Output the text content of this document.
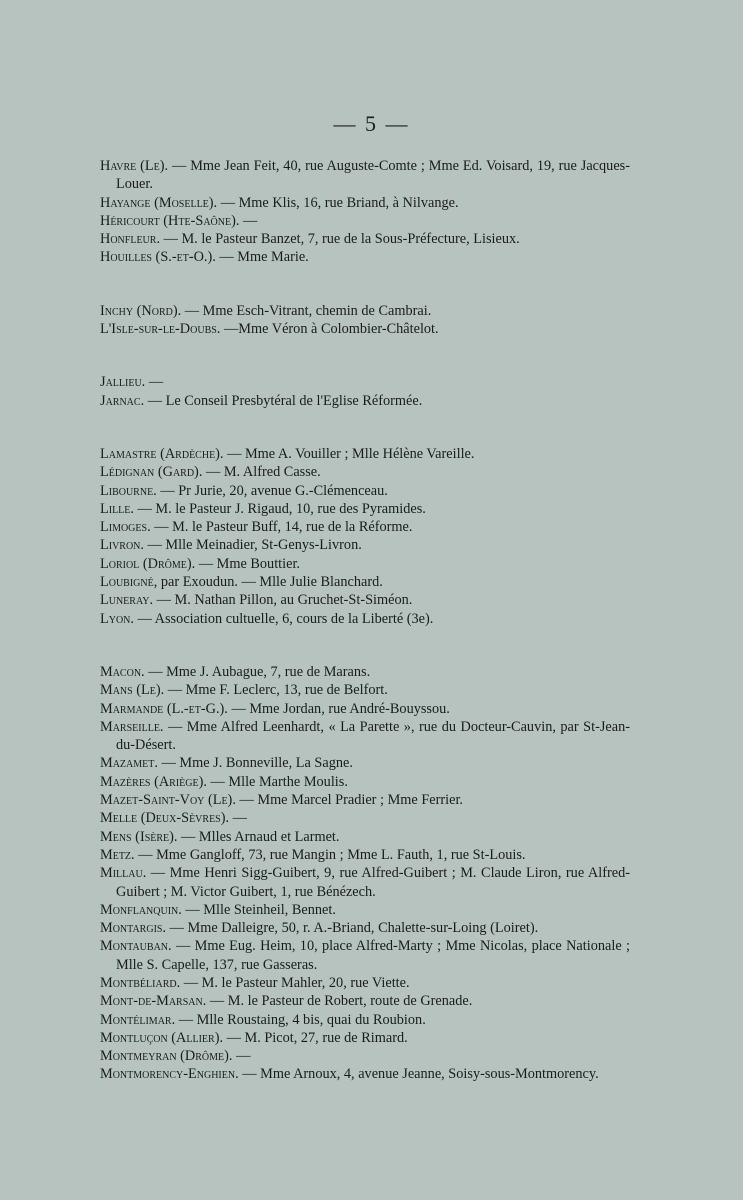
— 5 —
Havre (Le). — Mme Jean Feit, 40, rue Auguste-Comte ; Mme Ed. Voisard, 19, rue Jacques-Louer.
Hayange (Moselle). — Mme Klis, 16, rue Briand, à Nilvange.
Héricourt (Hte-Saône). —
Honfleur. — M. le Pasteur Banzet, 7, rue de la Sous-Préfecture, Lisieux.
Houilles (S.-et-O.). — Mme Marie.
Inchy (Nord). — Mme Esch-Vitrant, chemin de Cambrai.
L'Isle-sur-le-Doubs. —Mme Véron à Colombier-Châtelot.
Jallieu. —
Jarnac. — Le Conseil Presbytéral de l'Eglise Réformée.
Lamastre (Ardèche). — Mme A. Vouiller ; Mlle Hélène Vareille.
Lédignan (Gard). — M. Alfred Casse.
Libourne. — Pr Jurie, 20, avenue G.-Clémenceau.
Lille. — M. le Pasteur J. Rigaud, 10, rue des Pyramides.
Limoges. — M. le Pasteur Buff, 14, rue de la Réforme.
Livron. — Mlle Meinadier, St-Genys-Livron.
Loriol (Drôme). — Mme Bouttier.
Loubigné, par Exoudun. — Mlle Julie Blanchard.
Luneray. — M. Nathan Pillon, au Gruchet-St-Siméon.
Lyon. — Association cultuelle, 6, cours de la Liberté (3e).
Macon. — Mme J. Aubague, 7, rue de Marans.
Mans (Le). — Mme F. Leclerc, 13, rue de Belfort.
Marmande (L.-et-G.). — Mme Jordan, rue André-Bouyssou.
Marseille. — Mme Alfred Leenhardt, « La Parette », rue du Docteur-Cauvin, par St-Jean-du-Désert.
Mazamet. — Mme J. Bonneville, La Sagne.
Mazères (Ariège). — Mlle Marthe Moulis.
Mazet-Saint-Voy (Le). — Mme Marcel Pradier ; Mme Ferrier.
Melle (Deux-Sèvres). —
Mens (Isère). — Mlles Arnaud et Larmet.
Metz. — Mme Gangloff, 73, rue Mangin ; Mme L. Fauth, 1, rue St-Louis.
Millau. — Mme Henri Sigg-Guibert, 9, rue Alfred-Guibert ; M. Claude Liron, rue Alfred-Guibert ; M. Victor Guibert, 1, rue Bénézech.
Monflanquin. — Mlle Steinheil, Bennet.
Montargis. — Mme Dalleigre, 50, r. A.-Briand, Chalette-sur-Loing (Loiret).
Montauban. — Mme Eug. Heim, 10, place Alfred-Marty ; Mme Nicolas, place Nationale ; Mlle S. Capelle, 137, rue Gasseras.
Montbéliard. — M. le Pasteur Mahler, 20, rue Viette.
Mont-de-Marsan. — M. le Pasteur de Robert, route de Grenade.
Montélimar. — Mlle Roustaing, 4 bis, quai du Roubion.
Montluçon (Allier). — M. Picot, 27, rue de Rimard.
Montmeyran (Drôme). —
Montmorency-Enghien. — Mme Arnoux, 4, avenue Jeanne, Soisy-sous-Montmorency.
